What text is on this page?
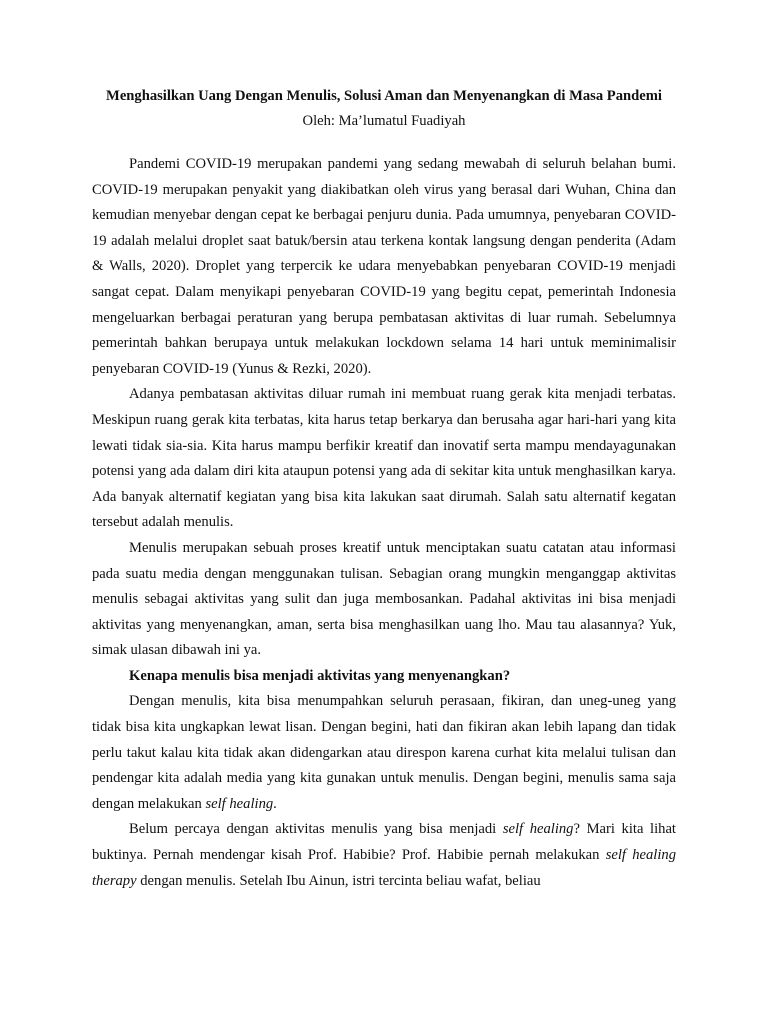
Menghasilkan Uang Dengan Menulis, Solusi Aman dan Menyenangkan di Masa Pandemi

Oleh: Ma’lumatul Fuadiyah

Pandemi COVID-19 merupakan pandemi yang sedang mewabah di seluruh belahan bumi. COVID-19 merupakan penyakit yang diakibatkan oleh virus yang berasal dari Wuhan, China dan kemudian menyebar dengan cepat ke berbagai penjuru dunia. Pada umumnya, penyebaran COVID-19 adalah melalui droplet saat batuk/bersin atau terkena kontak langsung dengan penderita (Adam & Walls, 2020). Droplet yang terpercik ke udara menyebabkan penyebaran COVID-19 menjadi sangat cepat. Dalam menyikapi penyebaran COVID-19 yang begitu cepat, pemerintah Indonesia mengeluarkan berbagai peraturan yang berupa pembatasan aktivitas di luar rumah. Sebelumnya pemerintah bahkan berupaya untuk melakukan lockdown selama 14 hari untuk meminimalisir penyebaran COVID-19 (Yunus & Rezki, 2020).

Adanya pembatasan aktivitas diluar rumah ini membuat ruang gerak kita menjadi terbatas. Meskipun ruang gerak kita terbatas, kita harus tetap berkarya dan berusaha agar hari-hari yang kita lewati tidak sia-sia. Kita harus mampu berfikir kreatif dan inovatif serta mampu mendayagunakan potensi yang ada dalam diri kita ataupun potensi yang ada di sekitar kita untuk menghasilkan karya. Ada banyak alternatif kegiatan yang bisa kita lakukan saat dirumah. Salah satu alternatif kegatan tersebut adalah menulis.

Menulis merupakan sebuah proses kreatif untuk menciptakan suatu catatan atau informasi pada suatu media dengan menggunakan tulisan. Sebagian orang mungkin menganggap aktivitas menulis sebagai aktivitas yang sulit dan juga membosankan. Padahal aktivitas ini bisa menjadi aktivitas yang menyenangkan, aman, serta bisa menghasilkan uang lho. Mau tau alasannya? Yuk, simak ulasan dibawah ini ya.

Kenapa menulis bisa menjadi aktivitas yang menyenangkan?

Dengan menulis, kita bisa menumpahkan seluruh perasaan, fikiran, dan uneg-uneg yang tidak bisa kita ungkapkan lewat lisan. Dengan begini, hati dan fikiran akan lebih lapang dan tidak perlu takut kalau kita tidak akan didengarkan atau direspon karena curhat kita melalui tulisan dan pendengar kita adalah media yang kita gunakan untuk menulis. Dengan begini, menulis sama saja dengan melakukan self healing.

Belum percaya dengan aktivitas menulis yang bisa menjadi self healing? Mari kita lihat buktinya. Pernah mendengar kisah Prof. Habibie? Prof. Habibie pernah melakukan self healing therapy dengan menulis. Setelah Ibu Ainun, istri tercinta beliau wafat, beliau
